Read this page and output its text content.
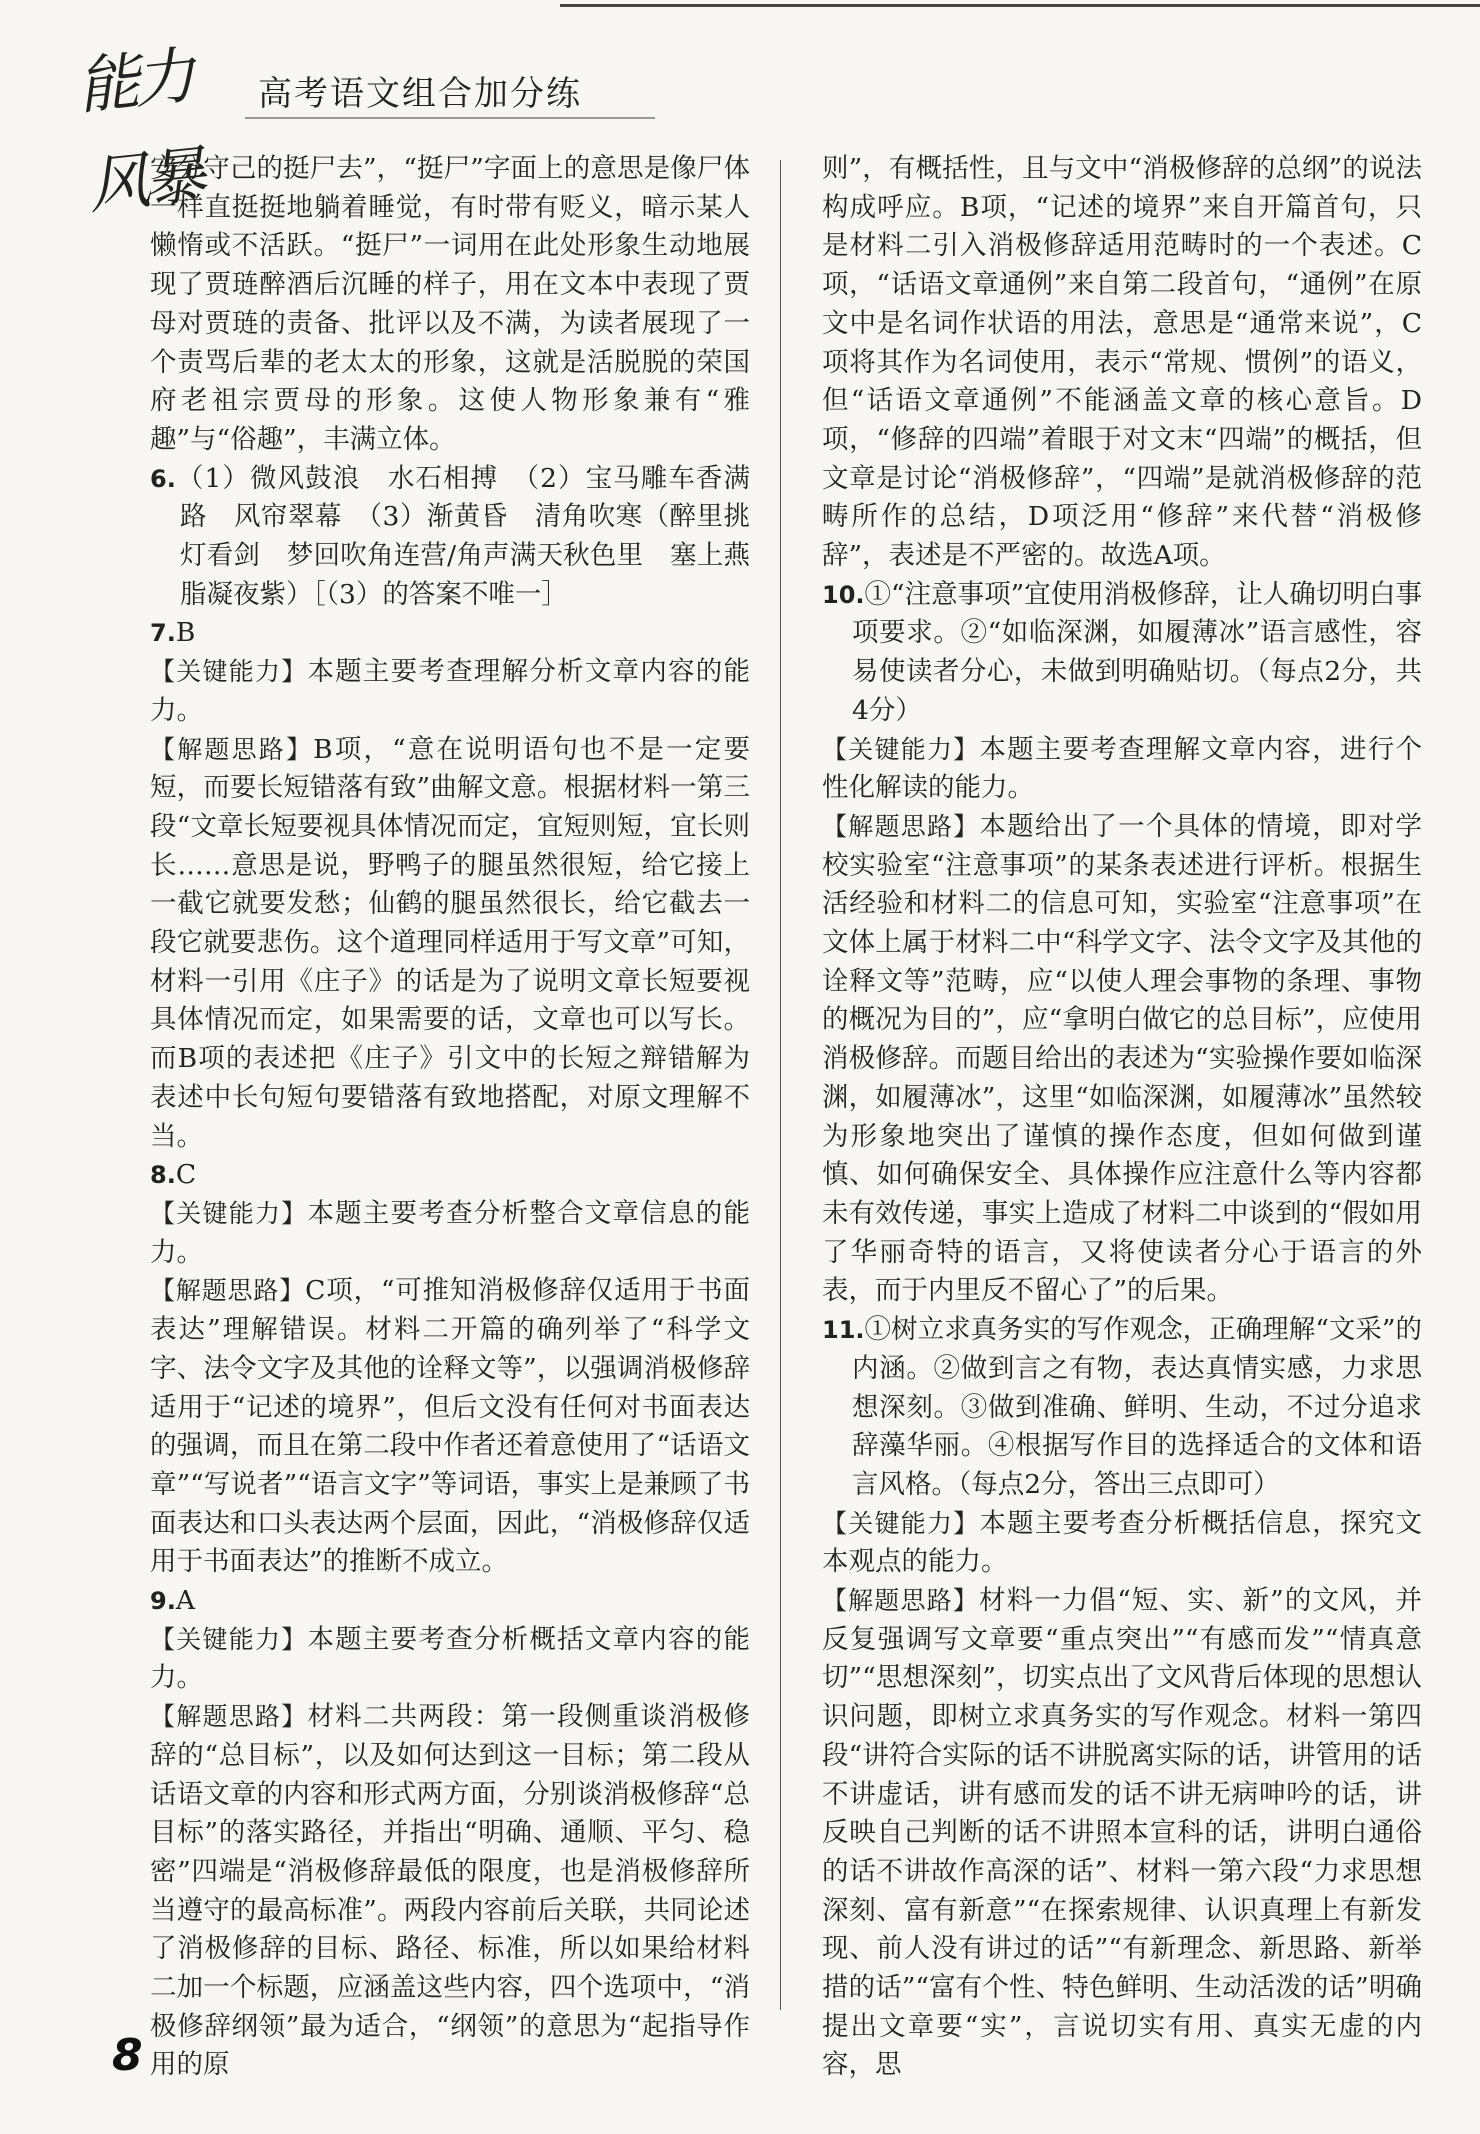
能力风暴
高考语文组合加分练

安分守己的挺尸去”，“挺尸”字面上的意思是像尸体一样直挺挺地躺着睡觉，有时带有贬义，暗示某人懒惰或不活跃。“挺尸”一词用在此处形象生动地展现了贾琏醉酒后沉睡的样子，用在文本中表现了贾母对贾琏的责备、批评以及不满，为读者展现了一个责骂后辈的老太太的形象，这就是活脱脱的荣国府老祖宗贾母的形象。这使人物形象兼有“雅趣”与“俗趣”，丰满立体。

6.（1）微风鼓浪　水石相搏　（2）宝马雕车香满路　风帘翠幕　（3）渐黄昏　清角吹寒（醉里挑灯看剑　梦回吹角连营/角声满天秋色里　塞上燕脂凝夜紫）［（3）的答案不唯一］

7.B

【关键能力】本题主要考查理解分析文章内容的能力。

【解题思路】B项，“意在说明语句也不是一定要短，而要长短错落有致”曲解文意。根据材料一第三段“文章长短要视具体情况而定，宜短则短，宜长则长……意思是说，野鸭子的腿虽然很短，给它接上一截它就要发愁；仙鹤的腿虽然很长，给它截去一段它就要悲伤。这个道理同样适用于写文章”可知，材料一引用《庄子》的话是为了说明文章长短要视具体情况而定，如果需要的话，文章也可以写长。而B项的表述把《庄子》引文中的长短之辩错解为表述中长句短句要错落有致地搭配，对原文理解不当。

8.C

【关键能力】本题主要考查分析整合文章信息的能力。

【解题思路】C项，“可推知消极修辞仅适用于书面表达”理解错误。材料二开篇的确列举了“科学文字、法令文字及其他的诠释文等”，以强调消极修辞适用于“记述的境界”，但后文没有任何对书面表达的强调，而且在第二段中作者还着意使用了“话语文章”“写说者”“语言文字”等词语，事实上是兼顾了书面表达和口头表达两个层面，因此，“消极修辞仅适用于书面表达”的推断不成立。

9.A

【关键能力】本题主要考查分析概括文章内容的能力。

【解题思路】材料二共两段：第一段侧重谈消极修辞的“总目标”，以及如何达到这一目标；第二段从话语文章的内容和形式两方面，分别谈消极修辞“总目标”的落实路径，并指出“明确、通顺、平匀、稳密”四端是“消极修辞最低的限度，也是消极修辞所当遵守的最高标准”。两段内容前后关联，共同论述了消极修辞的目标、路径、标准，所以如果给材料二加一个标题，应涵盖这些内容，四个选项中，“消极修辞纲领”最为适合，“纲领”的意思为“起指导作用的原

则”，有概括性，且与文中“消极修辞的总纲”的说法构成呼应。B项，“记述的境界”来自开篇首句，只是材料二引入消极修辞适用范畴时的一个表述。C项，“话语文章通例”来自第二段首句，“通例”在原文中是名词作状语的用法，意思是“通常来说”，C项将其作为名词使用，表示“常规、惯例”的语义，但“话语文章通例”不能涵盖文章的核心意旨。D项，“修辞的四端”着眼于对文末“四端”的概括，但文章是讨论“消极修辞”，“四端”是就消极修辞的范畴所作的总结，D项泛用“修辞”来代替“消极修辞”，表述是不严密的。故选A项。

10.①“注意事项”宜使用消极修辞，让人确切明白事项要求。②“如临深渊，如履薄冰”语言感性，容易使读者分心，未做到明确贴切。（每点2分，共4分）

【关键能力】本题主要考查理解文章内容，进行个性化解读的能力。

【解题思路】本题给出了一个具体的情境，即对学校实验室“注意事项”的某条表述进行评析。根据生活经验和材料二的信息可知，实验室“注意事项”在文体上属于材料二中“科学文字、法令文字及其他的诠释文等”范畴，应“以使人理会事物的条理、事物的概况为目的”，应“拿明白做它的总目标”，应使用消极修辞。而题目给出的表述为“实验操作要如临深渊，如履薄冰”，这里“如临深渊，如履薄冰”虽然较为形象地突出了谨慎的操作态度，但如何做到谨慎、如何确保安全、具体操作应注意什么等内容都未有效传递，事实上造成了材料二中谈到的“假如用了华丽奇特的语言，又将使读者分心于语言的外表，而于内里反不留心了”的后果。

11.①树立求真务实的写作观念，正确理解“文采”的内涵。②做到言之有物，表达真情实感，力求思想深刻。③做到准确、鲜明、生动，不过分追求辞藻华丽。④根据写作目的选择适合的文体和语言风格。（每点2分，答出三点即可）

【关键能力】本题主要考查分析概括信息，探究文本观点的能力。

【解题思路】材料一力倡“短、实、新”的文风，并反复强调写文章要“重点突出”“有感而发”“情真意切”“思想深刻”，切实点出了文风背后体现的思想认识问题，即树立求真务实的写作观念。材料一第四段“讲符合实际的话不讲脱离实际的话，讲管用的话不讲虚话，讲有感而发的话不讲无病呻吟的话，讲反映自己判断的话不讲照本宣科的话，讲明白通俗的话不讲故作高深的话”、材料一第六段“力求思想深刻、富有新意”“在探索规律、认识真理上有新发现、前人没有讲过的话”“有新理念、新思路、新举措的话”“富有个性、特色鲜明、生动活泼的话”明确提出文章要“实”，言说切实有用、真实无虚的内容，思

8
